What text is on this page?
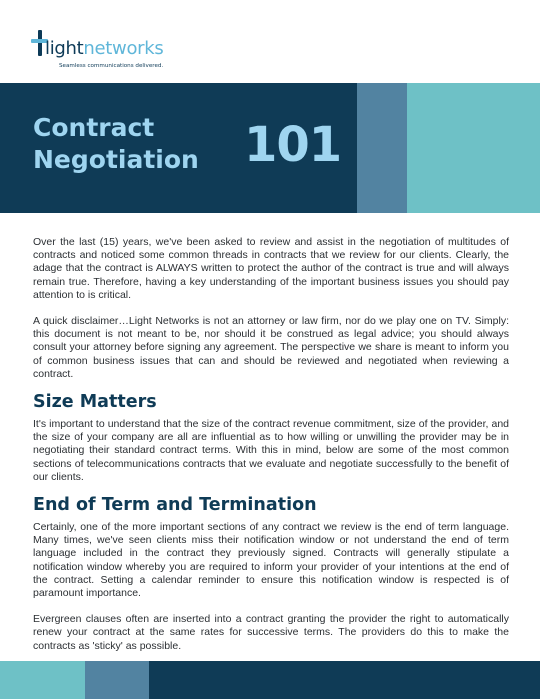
lightnetworks
Seamless communications delivered.
Contract
Negotiation 101

Over the last (15) years, we've been asked to review and assist in the negotiation of multitudes of contracts and noticed some common threads in contracts that we review for our clients. Clearly, the adage that the contract is ALWAYS written to protect the author of the contract is true and will always remain true. Therefore, having a key understanding of the important business issues you should pay attention to is critical.

A quick disclaimer…Light Networks is not an attorney or law firm, nor do we play one on TV. Simply: this document is not meant to be, nor should it be construed as legal advice; you should always consult your attorney before signing any agreement. The perspective we share is meant to inform you of common business issues that can and should be reviewed and negotiated when reviewing a contract.

Size Matters

It's important to understand that the size of the contract revenue commitment, size of the provider, and the size of your company are all are influential as to how willing or unwilling the provider may be in negotiating their standard contract terms. With this in mind, below are some of the most common sections of telecommunications contracts that we evaluate and negotiate successfully to the benefit of our clients.

End of Term and Termination

Certainly, one of the more important sections of any contract we review is the end of term language. Many times, we've seen clients miss their notification window or not understand the end of term language included in the contract they previously signed. Contracts will generally stipulate a notification window whereby you are required to inform your provider of your intentions at the end of the contract. Setting a calendar reminder to ensure this notification window is respected is of paramount importance.

Evergreen clauses often are inserted into a contract granting the provider the right to automatically renew your contract at the same rates for successive terms. The providers do this to make the contracts as 'sticky' as possible.
